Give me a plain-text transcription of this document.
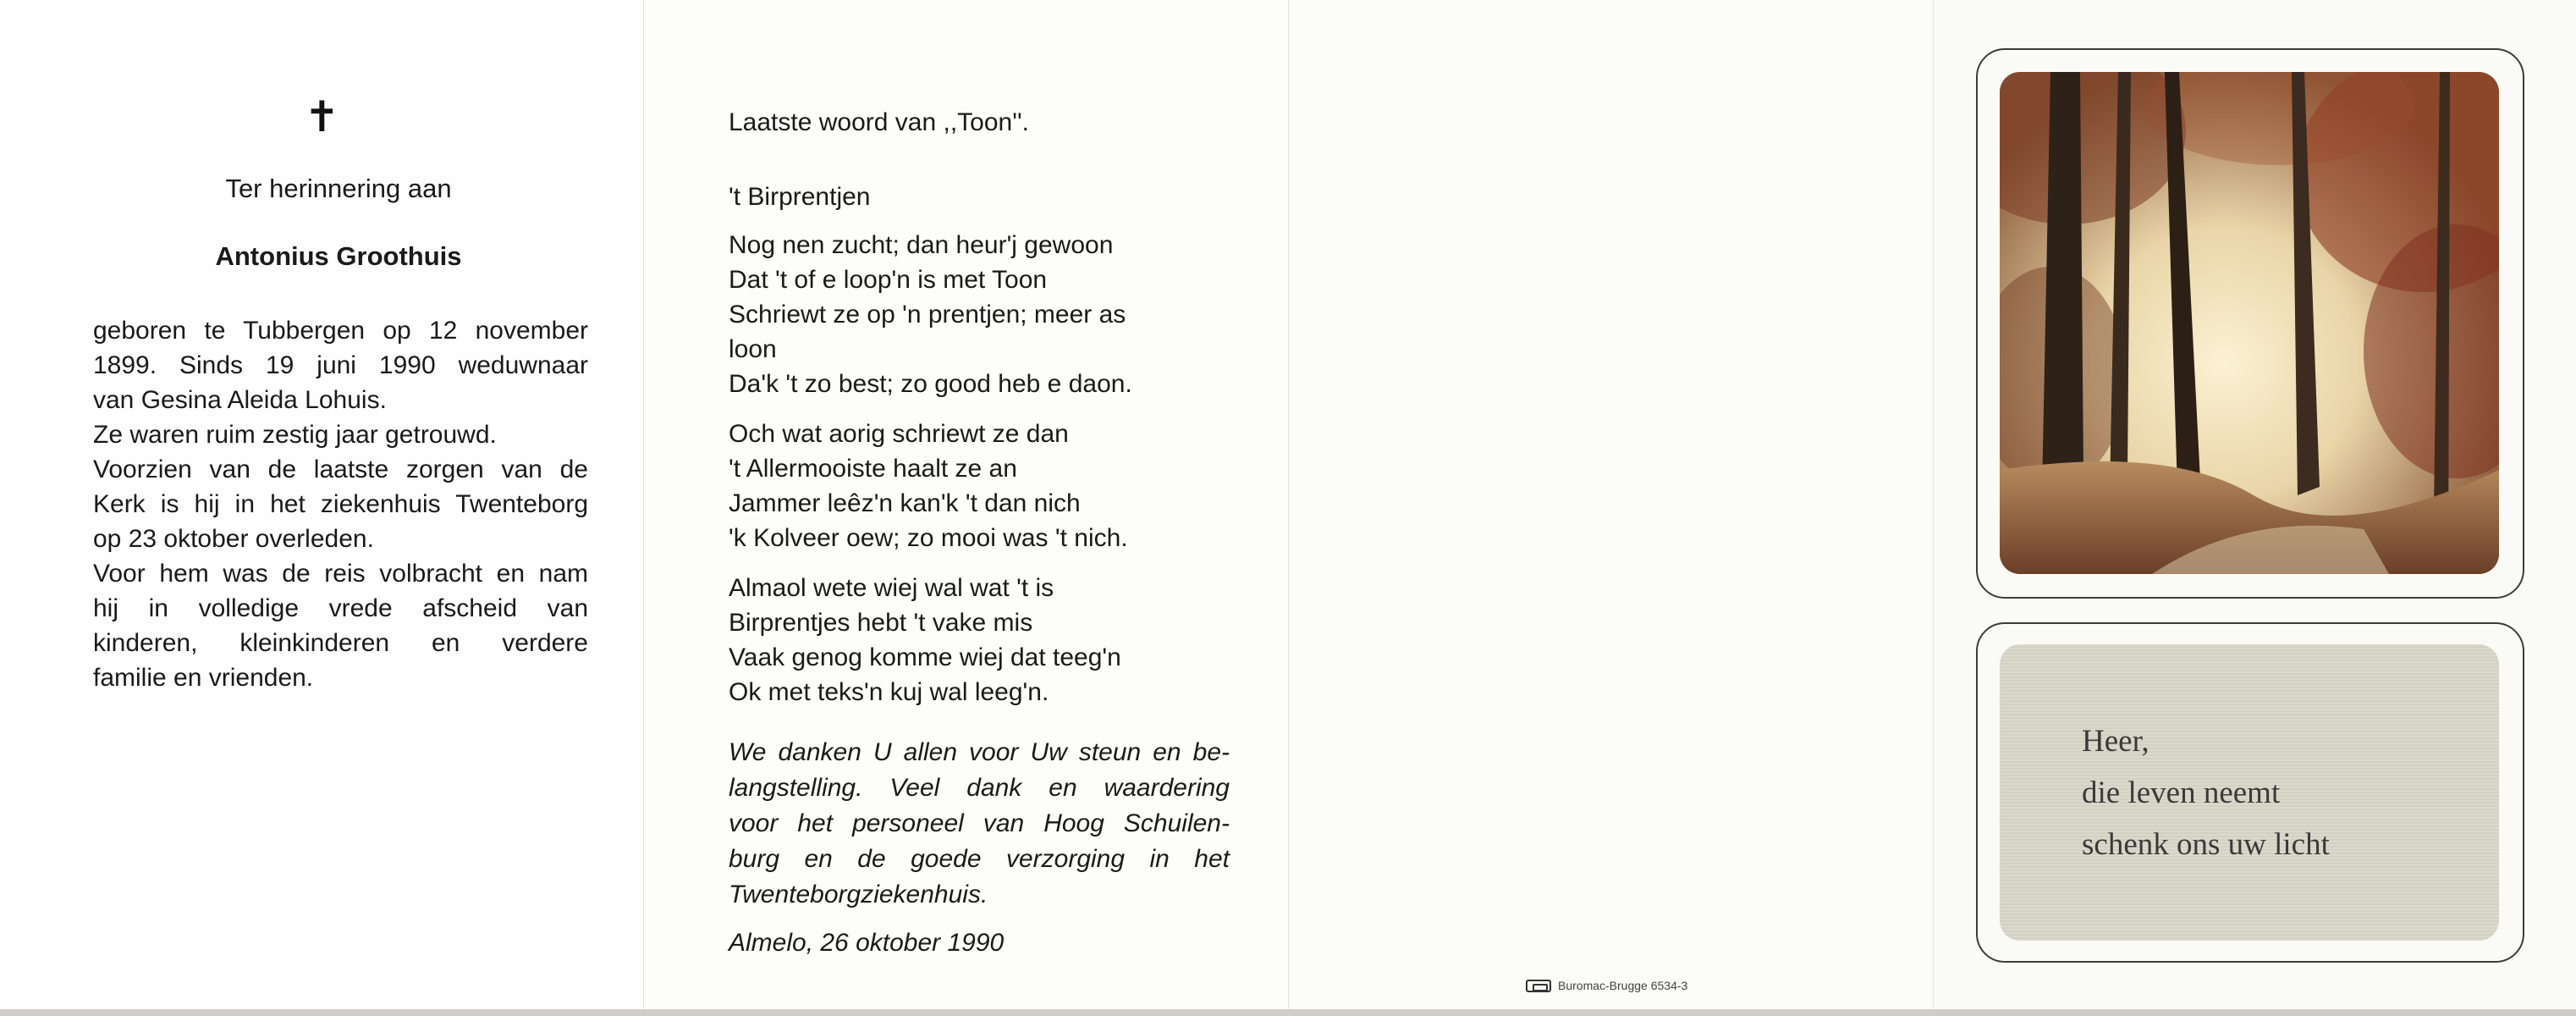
✝
Ter herinnering aan
Antonius Groothuis
geboren te Tubbergen op 12 november
1899. Sinds 19 juni 1990 weduwnaar
van Gesina Aleida Lohuis.
Ze waren ruim zestig jaar getrouwd.
Voorzien van de laatste zorgen van de
Kerk is hij in het ziekenhuis Twenteborg
op 23 oktober overleden.
Voor hem was de reis volbracht en nam
hij in volledige vrede afscheid van
kinderen, kleinkinderen en verdere
familie en vrienden.
Laatste woord van ,,Toon''.
't Birprentjen
Nog nen zucht; dan heur'j gewoon
Dat 't of e loop'n is met Toon
Schriewt ze op 'n prentjen; meer as
loon
Da'k 't zo best; zo good heb e daon.
Och wat aorig schriewt ze dan
't Allermooiste haalt ze an
Jammer leêz'n kan'k 't dan nich
'k Kolveer oew; zo mooi was 't nich.
Almaol wete wiej wal wat 't is
Birprentjes hebt 't vake mis
Vaak genog komme wiej dat teeg'n
Ok met teks'n kuj wal leeg'n.
We danken U allen voor Uw steun en be-
langstelling. Veel dank en waardering
voor het personeel van Hoog Schuilen-
burg en de goede verzorging in het
Twenteborgziekenhuis.
Almelo, 26 oktober 1990
Buromac-Brugge 6534-3
Heer,
die leven neemt
schenk ons uw licht
